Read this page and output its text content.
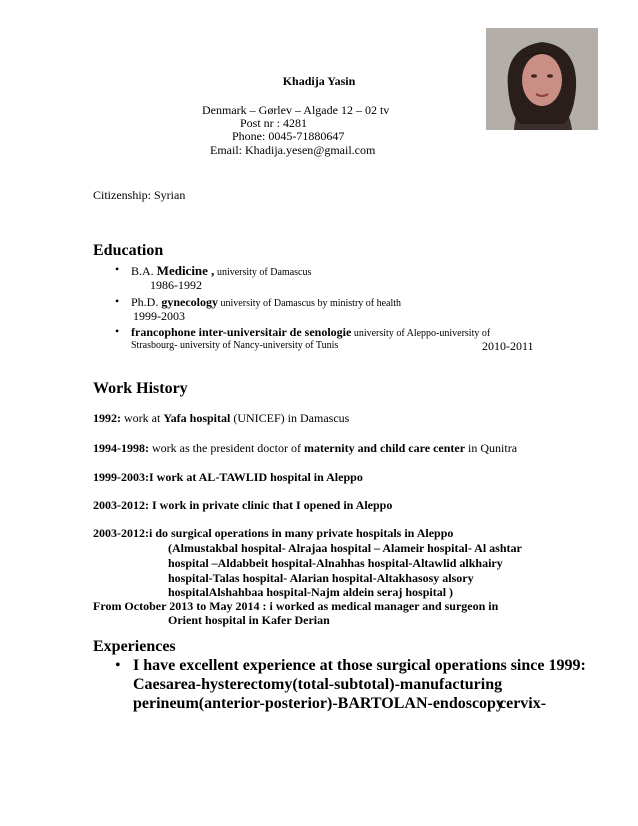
Khadija Yasin
Denmark – Gørlev – Algade 12 – 02 tv
Post nr : 4281
Phone: 0045-71880647
Email: Khadija.yesen@gmail.com
Citizenship: Syrian
Education
• B.A. Medicine , university of Damascus
1986-1992
• Ph.D. gynecology university of Damascus by ministry of health
1999-2003
• francophone inter-universitair de senologie university of Aleppo-university of
Strasbourg- university of Nancy-university of Tunis	2010-2011
Work History
1992: work at Yafa hospital (UNICEF) in Damascus
1994-1998: work as the president doctor of maternity and child care center in Qunitra
1999-2003:I work at AL-TAWLID hospital in Aleppo
2003-2012: I work in private clinic that I opened in Aleppo
2003-2012:i do surgical operations in many private hospitals in Aleppo
(Almustakbal hospital- Alrajaa hospital – Alameir hospital- Al ashtar
hospital –Aldabbeit hospital-Alnahhas hospital-Altawlid alkhairy
hospital-Talas hospital- Alarian hospital-Altakhasosy alsory
hospitalAlshahbaa hospital-Najm aldein seraj hospital )
From October 2013 to May 2014 : i worked as medical manager and surgeon in
Orient hospital in Kafer Derian
Experiences
• I have excellent experience at those surgical operations since 1999:
Caesarea-hysterectomy(total-subtotal)-manufacturing
perineum(anterior-posterior)-BARTOLAN-endoscopy
cervix-
